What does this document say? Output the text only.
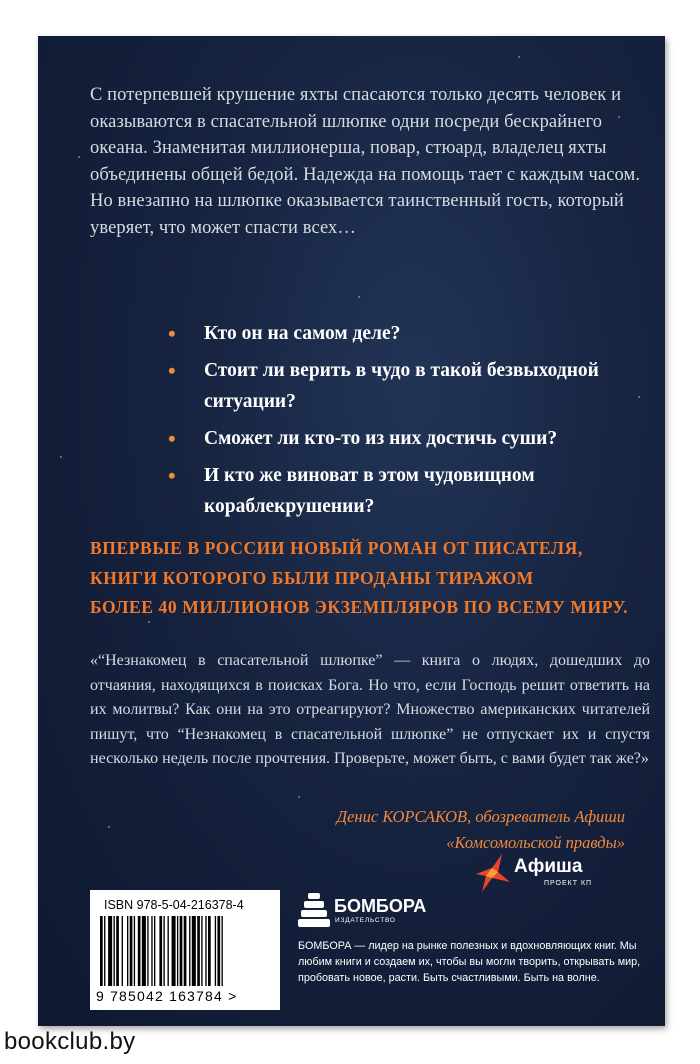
С потерпевшей крушение яхты спасаются только десять человек и оказываются в спасательной шлюпке одни посреди бескрайнего океана. Знаменитая миллионерша, повар, стюард, владелец яхты объединены общей бедой. Надежда на помощь тает с каждым часом. Но внезапно на шлюпке оказывается таинственный гость, который уверяет, что может спасти всех…

• Кто он на самом деле?
• Стоит ли верить в чудо в такой безвыходной ситуации?
• Сможет ли кто-то из них достичь суши?
• И кто же виноват в этом чудовищном кораблекрушении?
ВПЕРВЫЕ В РОССИИ НОВЫЙ РОМАН ОТ ПИСАТЕЛЯ,
КНИГИ КОТОРОГО БЫЛИ ПРОДАНЫ ТИРАЖОМ
БОЛЕЕ 40 МИЛЛИОНОВ ЭКЗЕМПЛЯРОВ ПО ВСЕМУ МИРУ.
«“Незнакомец в спасательной шлюпке” — книга о людях, дошедших до отчаяния, находящихся в поисках Бога. Но что, если Господь решит ответить на их молитвы? Как они на это отреагируют? Множество американских читателей пишут, что “Незнакомец в спасательной шлюпке” не отпускает их и спустя несколько недель после прочтения. Проверьте, может быть, с вами будет так же?»
Денис КОРСАКОВ, обозреватель Афиши
«Комсомольской правды»
Афиша
ПРОЕКТ КП
ISBN 978-5-04-216378-4
9 785042 163784 >
БОМБОРА
ИЗДАТЕЛЬСТВО
БОМБОРА — лидер на рынке полезных и вдохновляющих книг. Мы любим книги и создаем их, чтобы вы могли творить, открывать мир, пробовать новое, расти. Быть счастливыми. Быть на волне.
bookclub.by
